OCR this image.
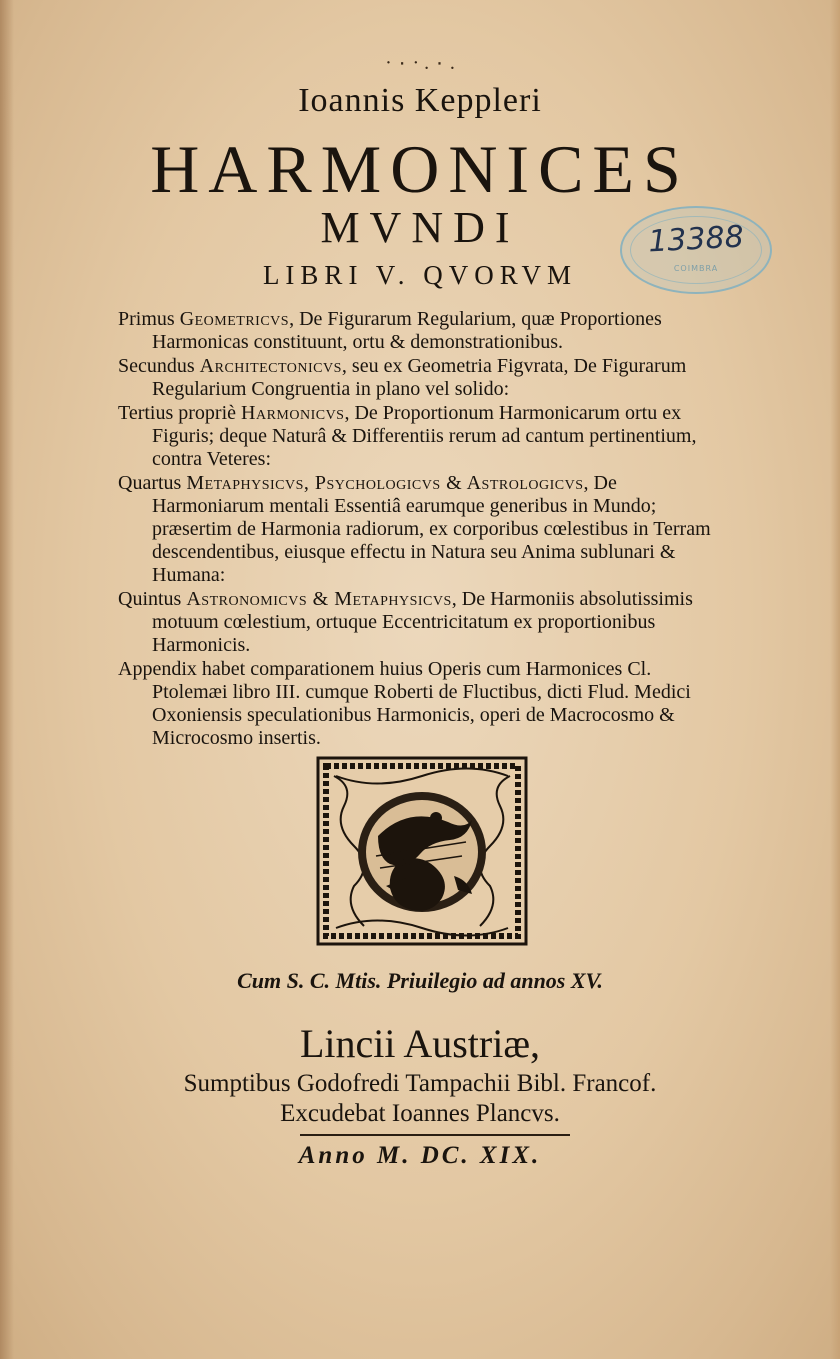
· ٠ . · ٠ .
Ioannis Keppleri
HARMONICES
MVNDI
LIBRI V. QVORVM
13388
COIMBRA

Primus Geometricvs, De Figurarum Regularium, quæ Proportiones Harmonicas constituunt, ortu & demonstrationibus.

Secundus Architectonicvs, seu ex Geometria Figvrata, De Figurarum Regularium Congruentia in plano vel solido:

Tertius propriè Harmonicvs, De Proportionum Harmonicarum ortu ex Figuris; deque Naturâ & Differentiis rerum ad cantum pertinentium, contra Veteres:

Quartus Metaphysicvs, Psychologicvs & Astrologicvs, De Harmoniarum mentali Essentiâ earumque generibus in Mundo; præsertim de Harmonia radiorum, ex corporibus cœlestibus in Terram descendentibus, eiusque effectu in Natura seu Anima sublunari & Humana:

Quintus Astronomicvs & Metaphysicvs, De Harmoniis absolutissimis motuum cœlestium, ortuque Eccentricitatum ex proportionibus Harmonicis.

Appendix habet comparationem huius Operis cum Harmonices Cl. Ptolemæi libro III. cumque Roberti de Fluctibus, dicti Flud. Medici Oxoniensis speculationibus Harmonicis, operi de Macrocosmo & Microcosmo insertis.

Cum S. C. Mtis. Priuilegio ad annos XV.
Lincii Austriæ,
Sumptibus Godofredi Tampachii Bibl. Francof.
Excudebat Ioannes Plancvs.
Anno M. DC. XIX.
